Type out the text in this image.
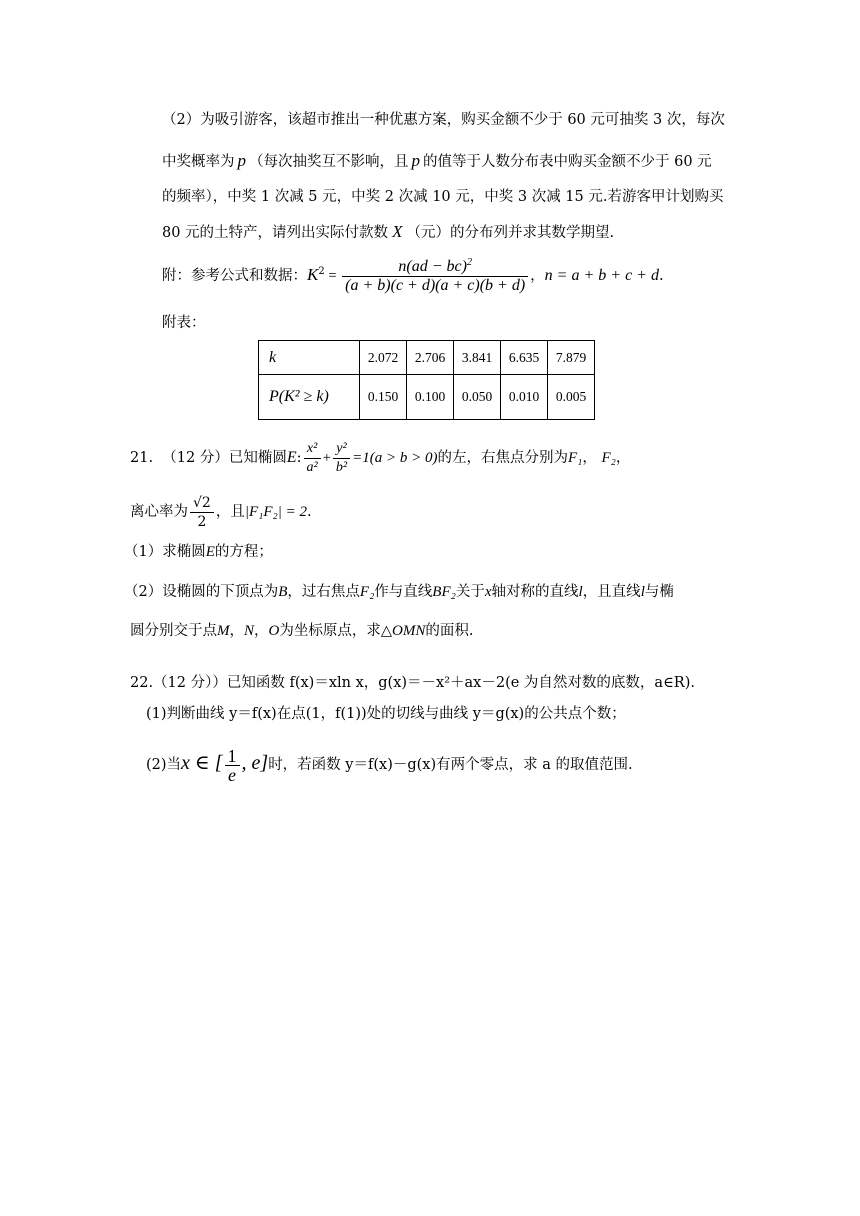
（2）为吸引游客，该超市推出一种优惠方案，购买金额不少于 60 元可抽奖 3 次，每次
中奖概率为 p （每次抽奖互不影响，且 p 的值等于人数分布表中购买金额不少于 60 元
的频率），中奖 1 次减 5 元，中奖 2 次减 10 元，中奖 3 次减 15 元.若游客甲计划购买
80 元的土特产，请列出实际付款数 X （元）的分布列并求其数学期望.
附：参考公式和数据：$K^2 = \frac{n(ad - bc)^2}{(a + b)(c + d)(a + c)(b + d)}$ ，n = a + b + c + d.
附表：
k	2.072	2.706	3.841	6.635	7.879
P(K² ≥ k)	0.150	0.100	0.050	0.010	0.005
21. （12 分）已知椭圆E: $\frac{\text{x²}}{\text{a²}} + \frac{\text{y²}}{\text{b²}} =1(a > b > 0)$的左，右焦点分别为F₁， F₂，
离心率为 $\frac{√2}{2}$ ，且|F₁F₂| = 2.
（1）求椭圆E的方程；
（2）设椭圆的下顶点为B，过右焦点F₂作与直线BF₂关于x轴对称的直线l，且直线l与椭
圆分别交于点M，N，O为坐标原点，求△OMN的面积.
22.（12 分））已知函数 f(x)＝xln x，g(x)＝－x²＋ax－2(e 为自然对数的底数，a∈R).
(1)判断曲线 y＝f(x)在点(1，f(1))处的切线与曲线 y＝g(x)的公共点个数；
(2)当x ∈ [ $\frac{1}{e}$ , e]时，若函数 y＝f(x)－g(x)有两个零点，求 a 的取值范围.
